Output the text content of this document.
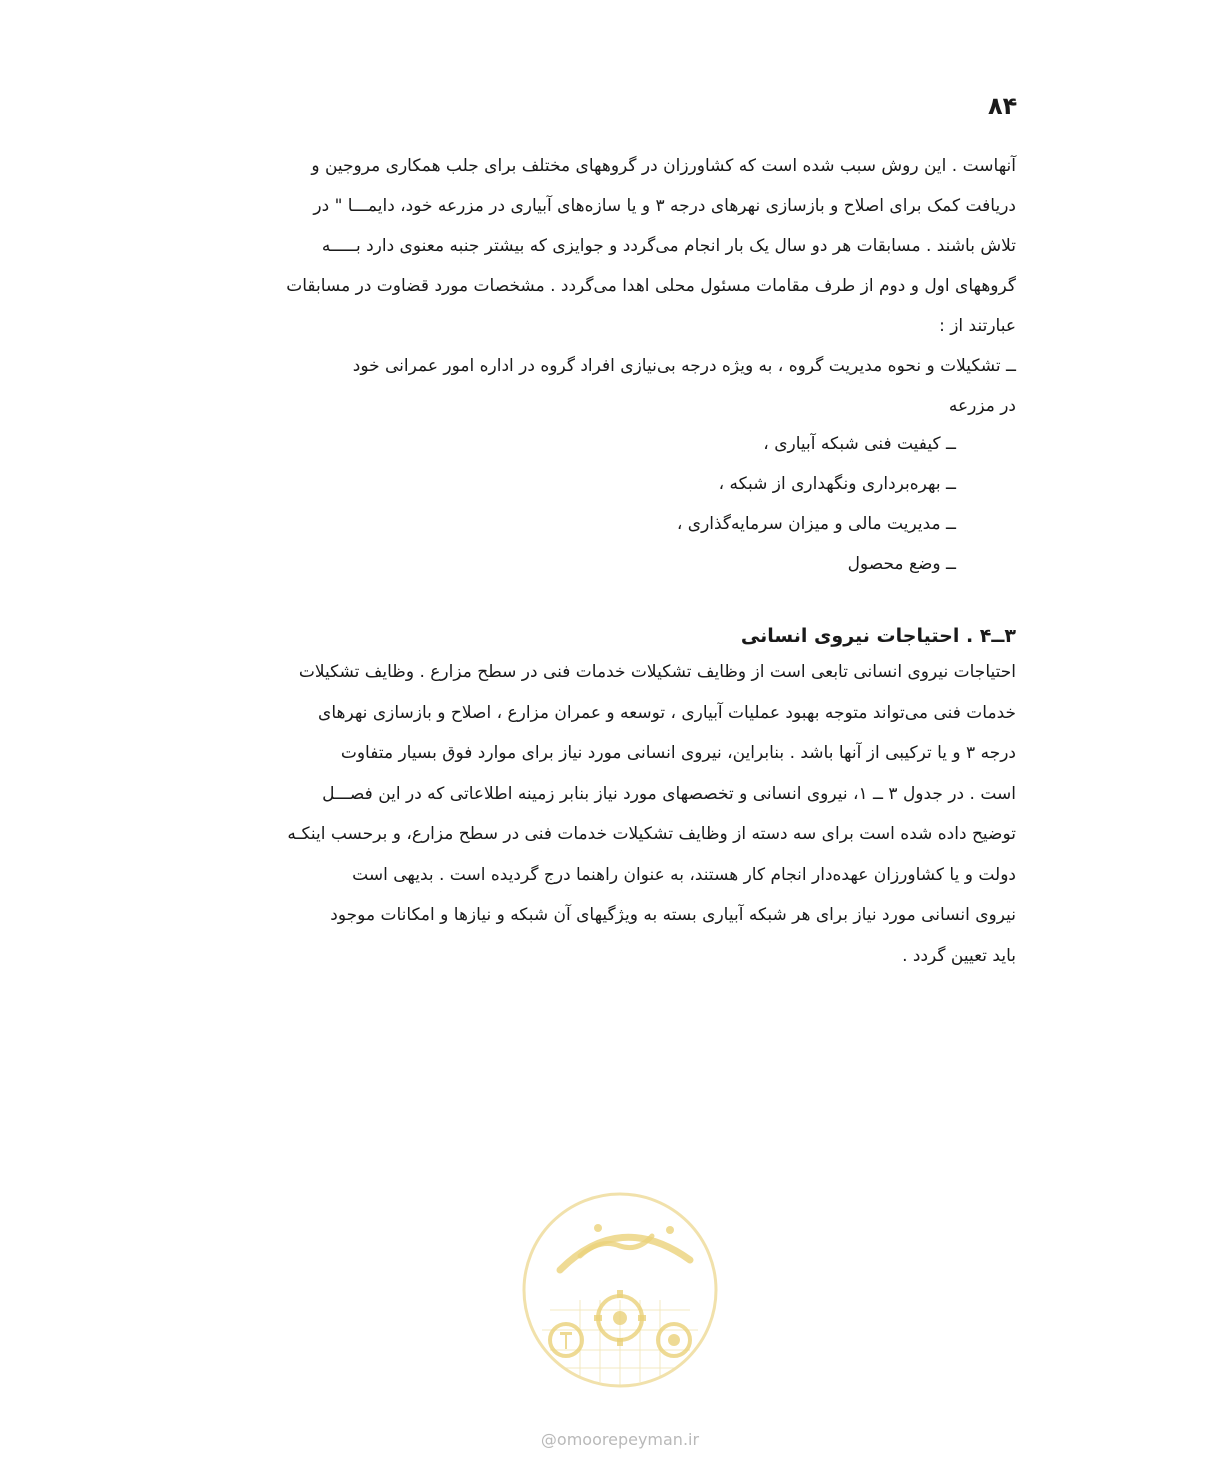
۸۴
آنهاست . این روش سبب شده است که کشاورزان در گروههای مختلف برای جلب همکاری مروجین و
دریافت کمک برای اصلاح و بازسازی نهرهای درجه ۳ و یا سازه‌های آبیاری در مزرعه خود، دایمـــا " در
تلاش باشند . مسابقات هر دو سال یک بار انجام می‌گردد و جوایزی که بیشتر جنبه معنوی دارد بـــــه
گروههای اول و دوم از طرف مقامات مسئول محلی اهدا می‌گردد . مشخصات مورد قضاوت در مسابقات
عبارتند از :
ــ تشکیلات و نحوه مدیریت گروه ، به ویژه درجه بی‌نیازی افراد گروه در اداره امور عمرانی خود
در مزرعه
ــ کیفیت فنی شبکه آبیاری ،
ــ بهره‌برداری ونگهداری از شبکه ،
ــ مدیریت مالی و میزان سرمایه‌گذاری ،
ــ وضع محصول
۳ــ۴ . احتیاجات نیروی انسانی
احتیاجات نیروی انسانی تابعی است از وظایف تشکیلات خدمات فنی در سطح مزارع . وظایف تشکیلات
خدمات فنی می‌تواند متوجه بهبود عملیات آبیاری ، توسعه و عمران مزارع ، اصلاح و بازسازی نهرهای
درجه ۳ و یا ترکیبی از آنها باشد . بنابراین، نیروی انسانی مورد نیاز برای موارد فوق بسیار متفاوت
است . در جدول ۳ ــ ۱، نیروی انسانی و تخصصهای مورد نیاز بنابر زمینه اطلاعاتی که در این فصـــل
توضیح داده شده است برای سه دسته از وظایف تشکیلات خدمات فنی در سطح مزارع، و برحسب اینکـه
دولت و یا کشاورزان عهده‌دار انجام کار هستند، به عنوان راهنما درج گردیده است . بدیهی است
نیروی انسانی مورد نیاز برای هر شبکه آبیاری بسته به ویژگیهای آن شبکه و نیازها و امکانات موجود
باید تعیین گردد .
@omoorepeyman.ir
